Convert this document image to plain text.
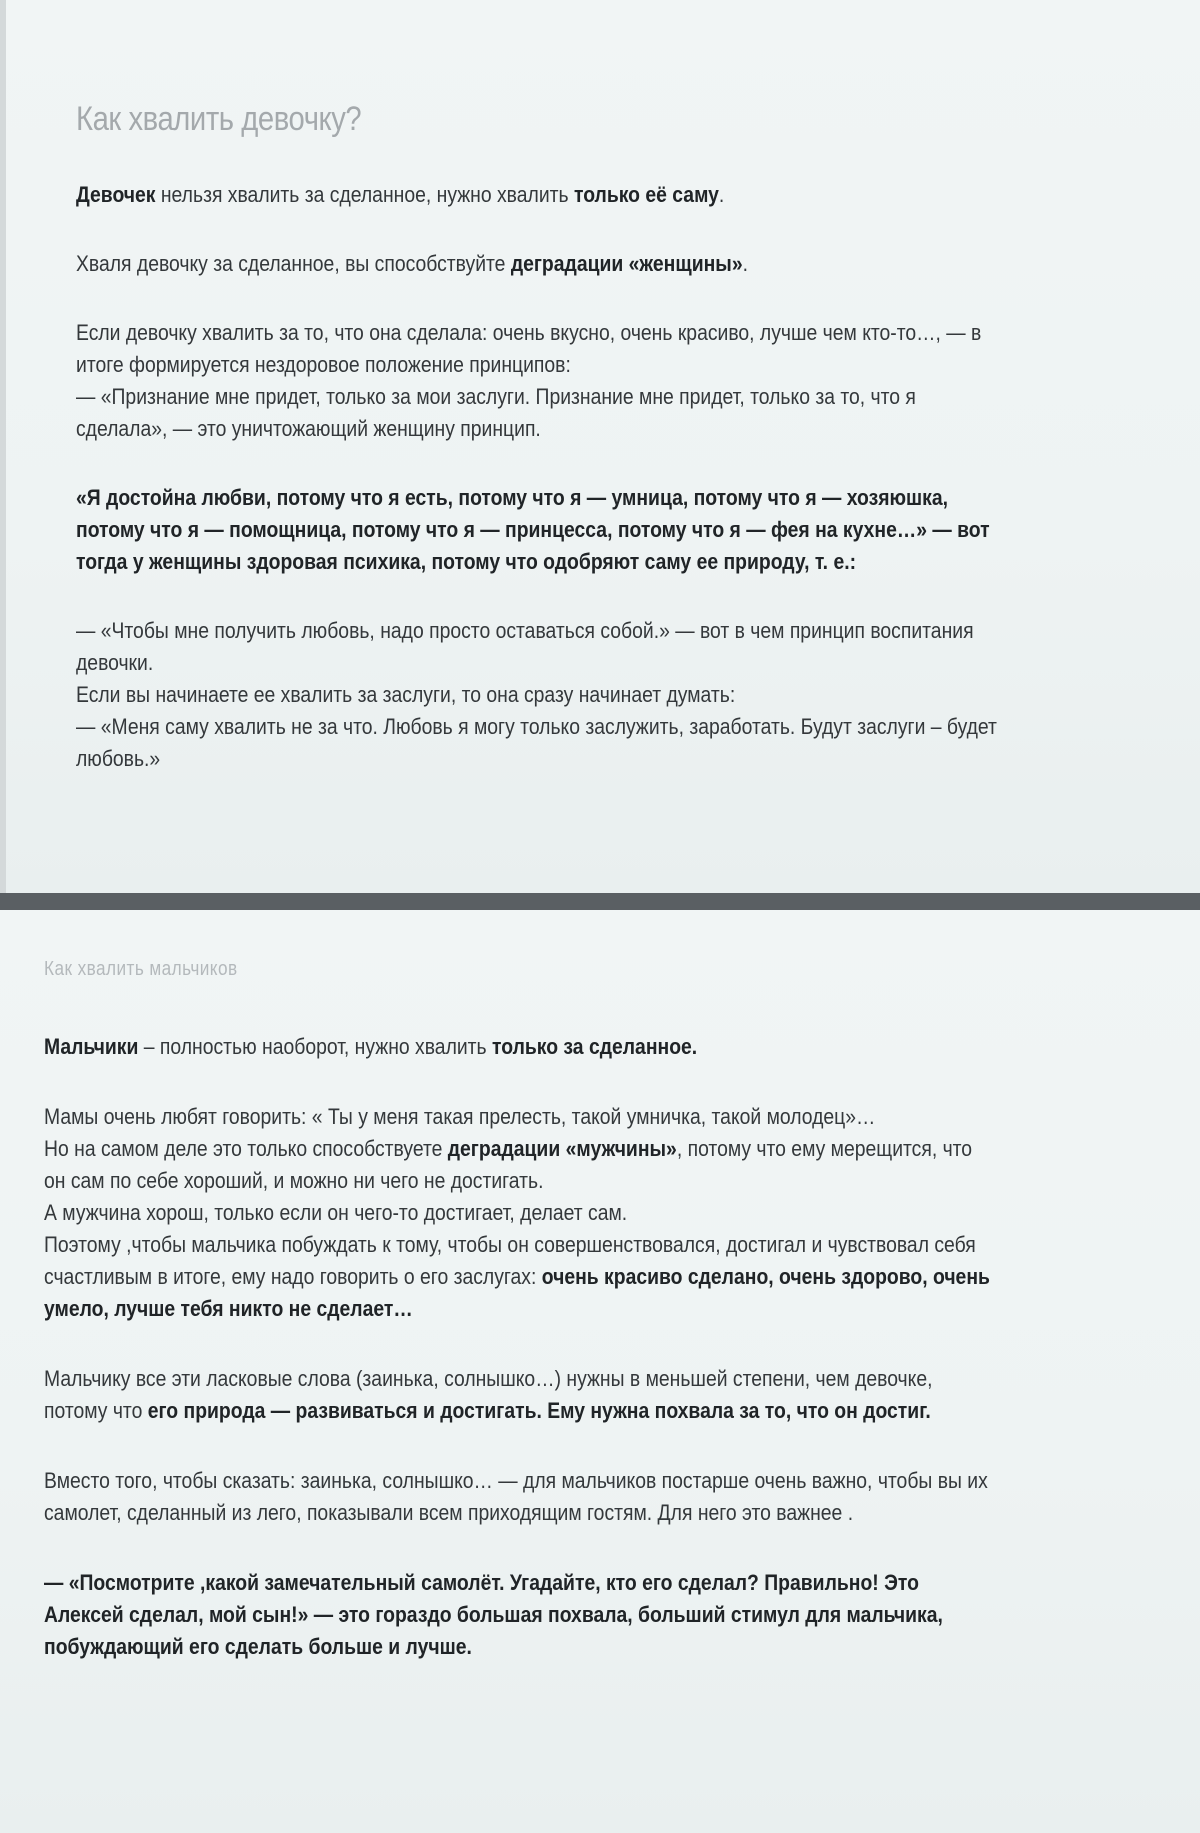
Как хвалить девочку?
Девочек нельзя хвалить за сделанное, нужно хвалить только её саму.
Хваля девочку за сделанное, вы способствуйте деградации «женщины».
Если девочку хвалить за то, что она сделала: очень вкусно, очень красиво, лучше чем кто-то…, — в
итоге формируется нездоровое положение принципов:
— «Признание мне придет, только за мои заслуги. Признание мне придет, только за то, что я
сделала», — это уничтожающий женщину принцип.
«Я достойна любви, потому что я есть, потому что я — умница, потому что я — хозяюшка,
потому что я — помощница, потому что я — принцесса, потому что я — фея на кухне…» — вот
тогда у женщины здоровая психика, потому что одобряют саму ее природу, т. е.:
— «Чтобы мне получить любовь, надо просто оставаться собой.» — вот в чем принцип воспитания
девочки.
Если вы начинаете ее хвалить за заслуги, то она сразу начинает думать:
— «Меня саму хвалить не за что. Любовь я могу только заслужить, заработать. Будут заслуги – будет
любовь.»
Как хвалить мальчиков
Мальчики – полностью наоборот, нужно хвалить только за сделанное.
Мамы очень любят говорить: « Ты у меня такая прелесть, такой умничка, такой молодец»…
Но на самом деле это только способствуете деградации «мужчины», потому что ему мерещится, что
он сам по себе хороший, и можно ни чего не достигать.
А мужчина хорош, только если он чего-то достигает, делает сам.
Поэтому ,чтобы мальчика побуждать к тому, чтобы он совершенствовался, достигал и чувствовал себя
счастливым в итоге, ему надо говорить о его заслугах: очень красиво сделано, очень здорово, очень
умело, лучше тебя никто не сделает…
Мальчику все эти ласковые слова (заинька, солнышко…) нужны в меньшей степени, чем девочке,
потому что его природа — развиваться и достигать. Ему нужна похвала за то, что он достиг.
Вместо того, чтобы сказать: заинька, солнышко… — для мальчиков постарше очень важно, чтобы вы их
самолет, сделанный из лего, показывали всем приходящим гостям. Для него это важнее .
— «Посмотрите ,какой замечательный самолёт. Угадайте, кто его сделал? Правильно! Это
Алексей сделал, мой сын!» — это гораздо большая похвала, больший стимул для мальчика,
побуждающий его сделать больше и лучше.
